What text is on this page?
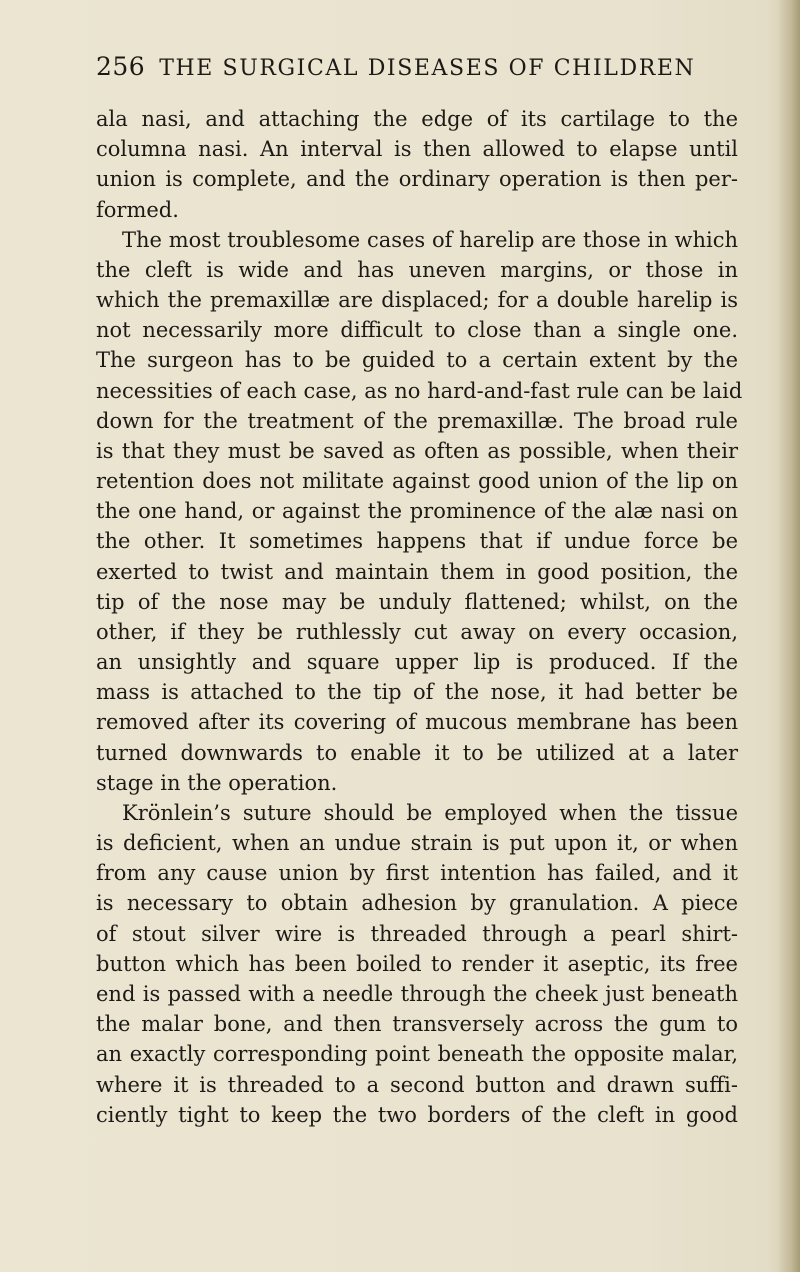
256 THE SURGICAL DISEASES OF CHILDREN
ala nasi, and attaching the edge of its cartilage to the
columna nasi. An interval is then allowed to elapse until
union is complete, and the ordinary operation is then per-
formed.
The most troublesome cases of harelip are those in which
the cleft is wide and has uneven margins, or those in
which the premaxillæ are displaced; for a double harelip is
not necessarily more difficult to close than a single one.
The surgeon has to be guided to a certain extent by the
necessities of each case, as no hard-and-fast rule can be laid
down for the treatment of the premaxillæ. The broad rule
is that they must be saved as often as possible, when their
retention does not militate against good union of the lip on
the one hand, or against the prominence of the alæ nasi on
the other. It sometimes happens that if undue force be
exerted to twist and maintain them in good position, the
tip of the nose may be unduly flattened; whilst, on the
other, if they be ruthlessly cut away on every occasion,
an unsightly and square upper lip is produced. If the
mass is attached to the tip of the nose, it had better be
removed after its covering of mucous membrane has been
turned downwards to enable it to be utilized at a later
stage in the operation.
Krönlein’s suture should be employed when the tissue
is deficient, when an undue strain is put upon it, or when
from any cause union by first intention has failed, and it
is necessary to obtain adhesion by granulation. A piece
of stout silver wire is threaded through a pearl shirt-
button which has been boiled to render it aseptic, its free
end is passed with a needle through the cheek just beneath
the malar bone, and then transversely across the gum to
an exactly corresponding point beneath the opposite malar,
where it is threaded to a second button and drawn suffi-
ciently tight to keep the two borders of the cleft in good
